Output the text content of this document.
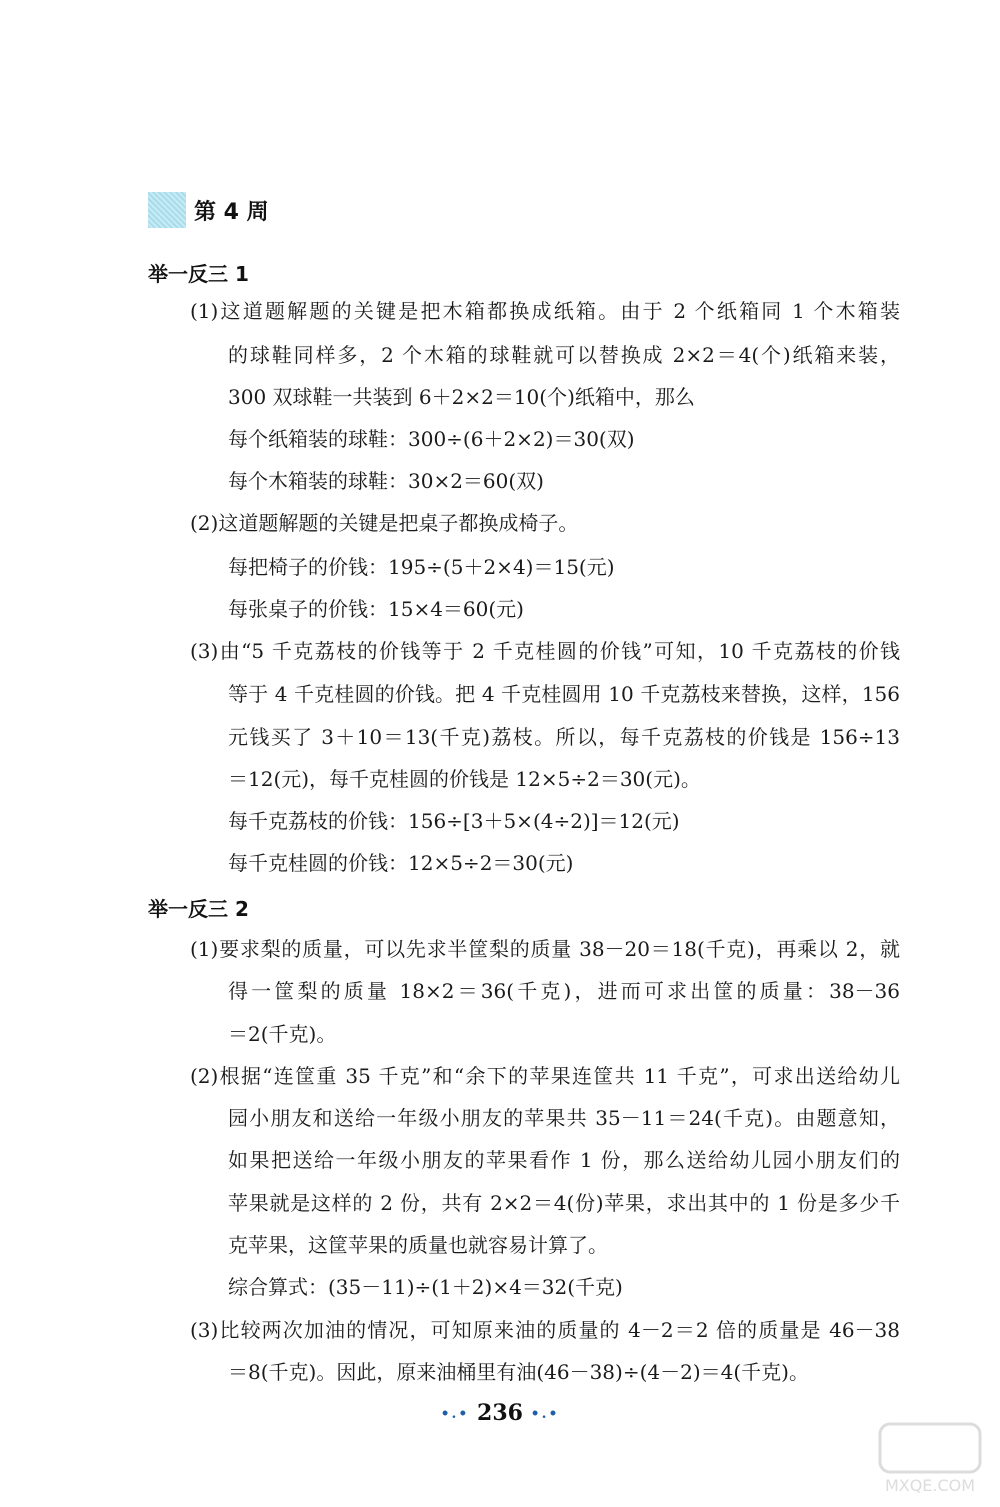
第 4 周
举一反三 1
(1)这道题解题的关键是把木箱都换成纸箱。由于 2 个纸箱同 1 个木箱装
的球鞋同样多，2 个木箱的球鞋就可以替换成 2×2＝4(个)纸箱来装，
300 双球鞋一共装到 6＋2×2＝10(个)纸箱中，那么
每个纸箱装的球鞋：300÷(6＋2×2)＝30(双)
每个木箱装的球鞋：30×2＝60(双)
(2)这道题解题的关键是把桌子都换成椅子。
每把椅子的价钱：195÷(5＋2×4)＝15(元)
每张桌子的价钱：15×4＝60(元)
(3)由“5 千克荔枝的价钱等于 2 千克桂圆的价钱”可知，10 千克荔枝的价钱
等于 4 千克桂圆的价钱。把 4 千克桂圆用 10 千克荔枝来替换，这样，156
元钱买了 3＋10＝13(千克)荔枝。所以，每千克荔枝的价钱是 156÷13
＝12(元)，每千克桂圆的价钱是 12×5÷2＝30(元)。
每千克荔枝的价钱：156÷[3＋5×(4÷2)]＝12(元)
每千克桂圆的价钱：12×5÷2＝30(元)
举一反三 2
(1)要求梨的质量，可以先求半筐梨的质量 38－20＝18(千克)，再乘以 2，就
得一筐梨的质量 18×2＝36(千克)，进而可求出筐的质量：38－36
＝2(千克)。
(2)根据“连筐重 35 千克”和“余下的苹果连筐共 11 千克”，可求出送给幼儿
园小朋友和送给一年级小朋友的苹果共 35－11＝24(千克)。由题意知，
如果把送给一年级小朋友的苹果看作 1 份，那么送给幼儿园小朋友们的
苹果就是这样的 2 份，共有 2×2＝4(份)苹果，求出其中的 1 份是多少千
克苹果，这筐苹果的质量也就容易计算了。
综合算式：(35－11)÷(1＋2)×4＝32(千克)
(3)比较两次加油的情况，可知原来油的质量的 4－2＝2 倍的质量是 46－38
＝8(千克)。因此，原来油桶里有油(46－38)÷(4－2)＝4(千克)。
•.• 236 •.•
MXQE.COM
